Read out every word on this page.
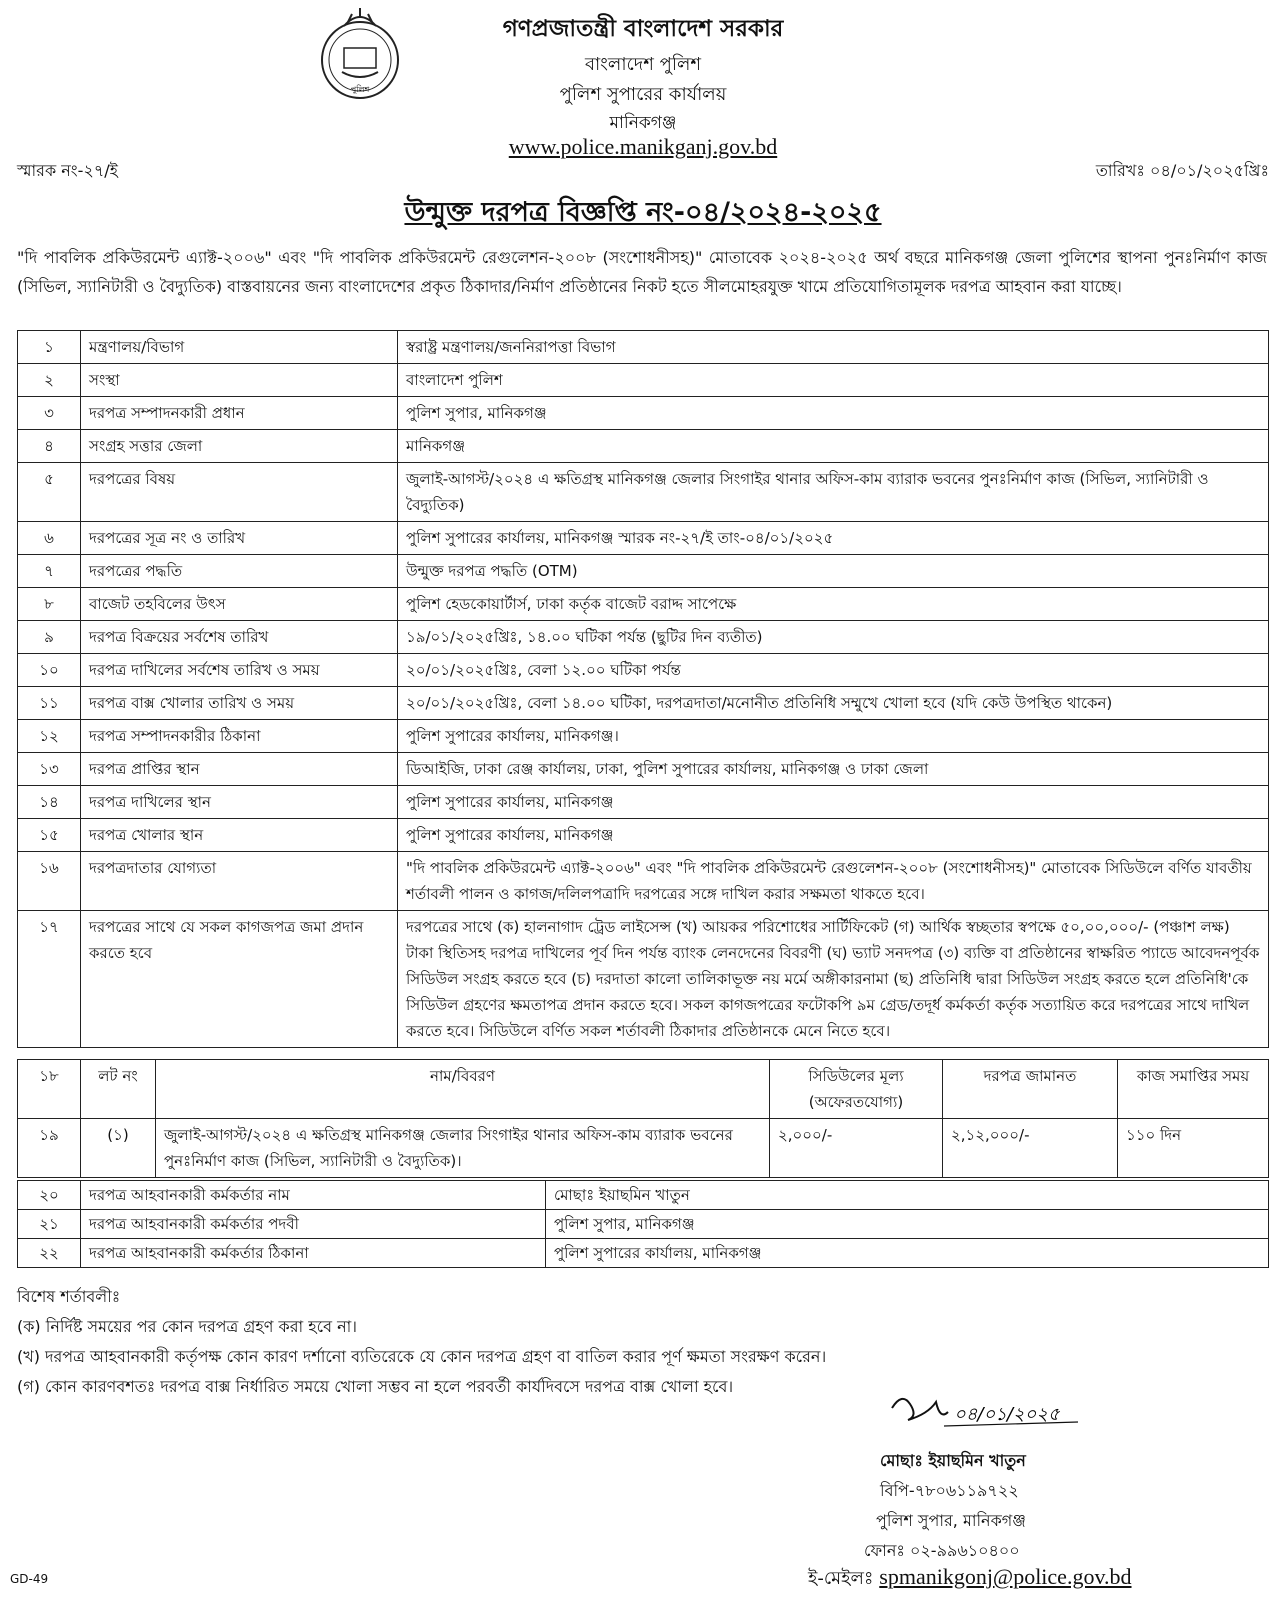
পুলিশ
গণপ্রজাতন্ত্রী বাংলাদেশ সরকার
বাংলাদেশ পুলিশ
পুলিশ সুপারের কার্যালয়
মানিকগঞ্জ
www.police.manikganj.gov.bd
স্মারক নং-২৭/ই	তারিখঃ ০৪/০১/২০২৫খ্রিঃ
উন্মুক্ত দরপত্র বিজ্ঞপ্তি নং-০৪/২০২৪-২০২৫
"দি পাবলিক প্রকিউরমেন্ট এ্যাক্ট-২০০৬" এবং "দি পাবলিক প্রকিউরমেন্ট রেগুলেশন-২০০৮ (সংশোধনীসহ)" মোতাবেক ২০২৪-২০২৫ অর্থ বছরে মানিকগঞ্জ জেলা পুলিশের স্থাপনা পুনঃনির্মাণ কাজ (সিভিল, স্যানিটারী ও বৈদ্যুতিক) বাস্তবায়নের জন্য বাংলাদেশের প্রকৃত ঠিকাদার/নির্মাণ প্রতিষ্ঠানের নিকট হতে সীলমোহরযুক্ত খামে প্রতিযোগিতামূলক দরপত্র আহবান করা যাচ্ছে।
১	মন্ত্রণালয়/বিভাগ	স্বরাষ্ট্র মন্ত্রণালয়/জননিরাপত্তা বিভাগ
২	সংস্থা	বাংলাদেশ পুলিশ
৩	দরপত্র সম্পাদনকারী প্রধান	পুলিশ সুপার, মানিকগঞ্জ
৪	সংগ্রহ সত্তার জেলা	মানিকগঞ্জ
৫	দরপত্রের বিষয়	জুলাই-আগস্ট/২০২৪ এ ক্ষতিগ্রস্থ মানিকগঞ্জ জেলার সিংগাইর থানার অফিস-কাম ব্যারাক ভবনের পুনঃনির্মাণ কাজ (সিভিল, স্যানিটারী ও বৈদ্যুতিক)
৬	দরপত্রের সূত্র নং ও তারিখ	পুলিশ সুপারের কার্যালয়, মানিকগঞ্জ স্মারক নং-২৭/ই তাং-০৪/০১/২০২৫
৭	দরপত্রের পদ্ধতি	উন্মুক্ত দরপত্র পদ্ধতি (OTM)
৮	বাজেট তহবিলের উৎস	পুলিশ হেডকোয়ার্টার্স, ঢাকা কর্তৃক বাজেট বরাদ্দ সাপেক্ষে
৯	দরপত্র বিক্রয়ের সর্বশেষ তারিখ	১৯/০১/২০২৫খ্রিঃ, ১৪.০০ ঘটিকা পর্যন্ত (ছুটির দিন ব্যতীত)
১০	দরপত্র দাখিলের সর্বশেষ তারিখ ও সময়	২০/০১/২০২৫খ্রিঃ, বেলা ১২.০০ ঘটিকা পর্যন্ত
১১	দরপত্র বাক্স খোলার তারিখ ও সময়	২০/০১/২০২৫খ্রিঃ, বেলা ১৪.০০ ঘটিকা, দরপত্রদাতা/মনোনীত প্রতিনিধি সম্মুখে খোলা হবে (যদি কেউ উপস্থিত থাকেন)
১২	দরপত্র সম্পাদনকারীর ঠিকানা	পুলিশ সুপারের কার্যালয়, মানিকগঞ্জ।
১৩	দরপত্র প্রাপ্তির স্থান	ডিআইজি, ঢাকা রেঞ্জ কার্যালয়, ঢাকা, পুলিশ সুপারের কার্যালয়, মানিকগঞ্জ ও ঢাকা জেলা
১৪	দরপত্র দাখিলের স্থান	পুলিশ সুপারের কার্যালয়, মানিকগঞ্জ
১৫	দরপত্র খোলার স্থান	পুলিশ সুপারের কার্যালয়, মানিকগঞ্জ
১৬	দরপত্রদাতার যোগ্যতা	"দি পাবলিক প্রকিউরমেন্ট এ্যাক্ট-২০০৬" এবং "দি পাবলিক প্রকিউরমেন্ট রেগুলেশন-২০০৮ (সংশোধনীসহ)" মোতাবেক সিডিউলে বর্ণিত যাবতীয় শর্তাবলী পালন ও কাগজ/দলিলপত্রাদি দরপত্রের সঙ্গে দাখিল করার সক্ষমতা থাকতে হবে।
১৭	দরপত্রের সাথে যে সকল কাগজপত্র জমা প্রদান করতে হবে	দরপত্রের সাথে (ক) হালনাগাদ ট্রেড লাইসেন্স (খ) আয়কর পরিশোধের সার্টিফিকেট (গ) আর্থিক স্বচ্ছতার স্বপক্ষে ৫০,০০,০০০/- (পঞ্চাশ লক্ষ) টাকা স্থিতিসহ দরপত্র দাখিলের পূর্ব দিন পর্যন্ত ব্যাংক লেনদেনের বিবরণী (ঘ) ভ্যাট সনদপত্র (৩) ব্যক্তি বা প্রতিষ্ঠানের স্বাক্ষরিত প্যাডে আবেদনপূর্বক সিডিউল সংগ্রহ করতে হবে (চ) দরদাতা কালো তালিকাভূক্ত নয় মর্মে অঙ্গীকারনামা (ছ) প্রতিনিধি দ্বারা সিডিউল সংগ্রহ করতে হলে প্রতিনিধি'কে সিডিউল গ্রহণের ক্ষমতাপত্র প্রদান করতে হবে। সকল কাগজপত্রের ফটোকপি ৯ম গ্রেড/তদূর্ধ কর্মকর্তা কর্তৃক সত্যায়িত করে দরপত্রের সাথে দাখিল করতে হবে। সিডিউলে বর্ণিত সকল শর্তাবলী ঠিকাদার প্রতিষ্ঠানকে মেনে নিতে হবে।
১৮	লট নং	নাম/বিবরণ	সিডিউলের মূল্য (অফেরতযোগ্য)	দরপত্র জামানত	কাজ সমাপ্তির সময়
১৯	(১)	জুলাই-আগস্ট/২০২৪ এ ক্ষতিগ্রস্থ মানিকগঞ্জ জেলার সিংগাইর থানার অফিস-কাম ব্যারাক ভবনের পুনঃনির্মাণ কাজ (সিভিল, স্যানিটারী ও বৈদ্যুতিক)।	২,০০০/-	২,১২,০০০/-	১১০ দিন
২০	দরপত্র আহবানকারী কর্মকর্তার নাম	মোছাঃ ইয়াছমিন খাতুন
২১	দরপত্র আহবানকারী কর্মকর্তার পদবী	পুলিশ সুপার, মানিকগঞ্জ
২২	দরপত্র আহবানকারী কর্মকর্তার ঠিকানা	পুলিশ সুপারের কার্যালয়, মানিকগঞ্জ
বিশেষ শর্তাবলীঃ
(ক) নির্দিষ্ট সময়ের পর কোন দরপত্র গ্রহণ করা হবে না।
(খ) দরপত্র আহবানকারী কর্তৃপক্ষ কোন কারণ দর্শানো ব্যতিরেকে যে কোন দরপত্র গ্রহণ বা বাতিল করার পূর্ণ ক্ষমতা সংরক্ষণ করেন।
(গ) কোন কারণবশতঃ দরপত্র বাক্স নির্ধারিত সময়ে খোলা সম্ভব না হলে পরবর্তী কার্যদিবসে দরপত্র বাক্স খোলা হবে।
০৪/০১/২০২৫
মোছাঃ ইয়াছমিন খাতুন
বিপি-৭৮০৬১১৯৭২২
পুলিশ সুপার, মানিকগঞ্জ
ফোনঃ ০২-৯৯৬১০৪০০
ই-মেইলঃ spmanikgonj@police.gov.bd
GD-49
